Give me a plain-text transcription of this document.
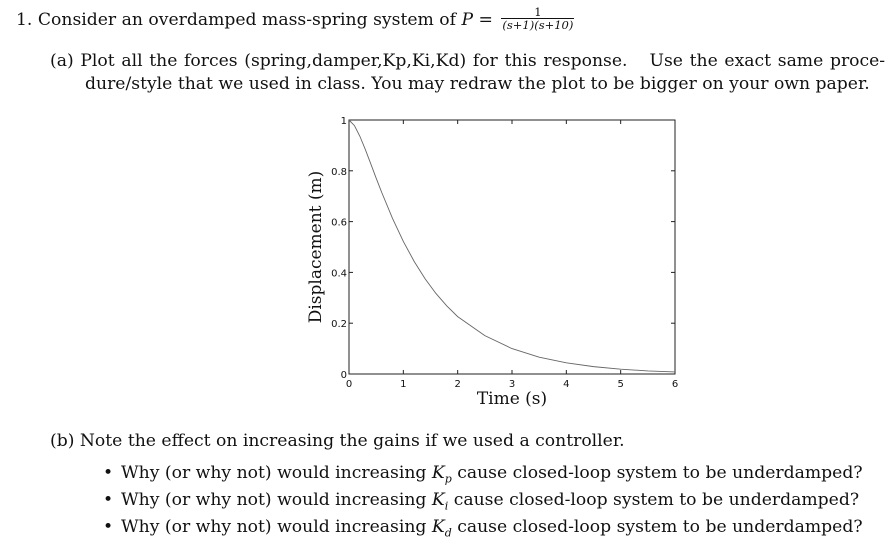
1. Consider an overdamped mass-spring system of $P = \frac{1}{(s+1)(s+10)}$
(a) Plot all the forces (spring,damper,Kp,Ki,Kd) for this response. Use the exact same proce-
dure/style that we used in class. You may redraw the plot to be bigger on your own paper.
0	1	2	3	4	5	6
0
0.2
0.4
0.6
0.8
1
Time (s)
Displacement (m)
(b) Note the effect on increasing the gains if we used a controller.
• Why (or why not) would increasing $K_p$ cause closed-loop system to be underdamped?
• Why (or why not) would increasing $K_i$ cause closed-loop system to be underdamped?
• Why (or why not) would increasing $K_d$ cause closed-loop system to be underdamped?
